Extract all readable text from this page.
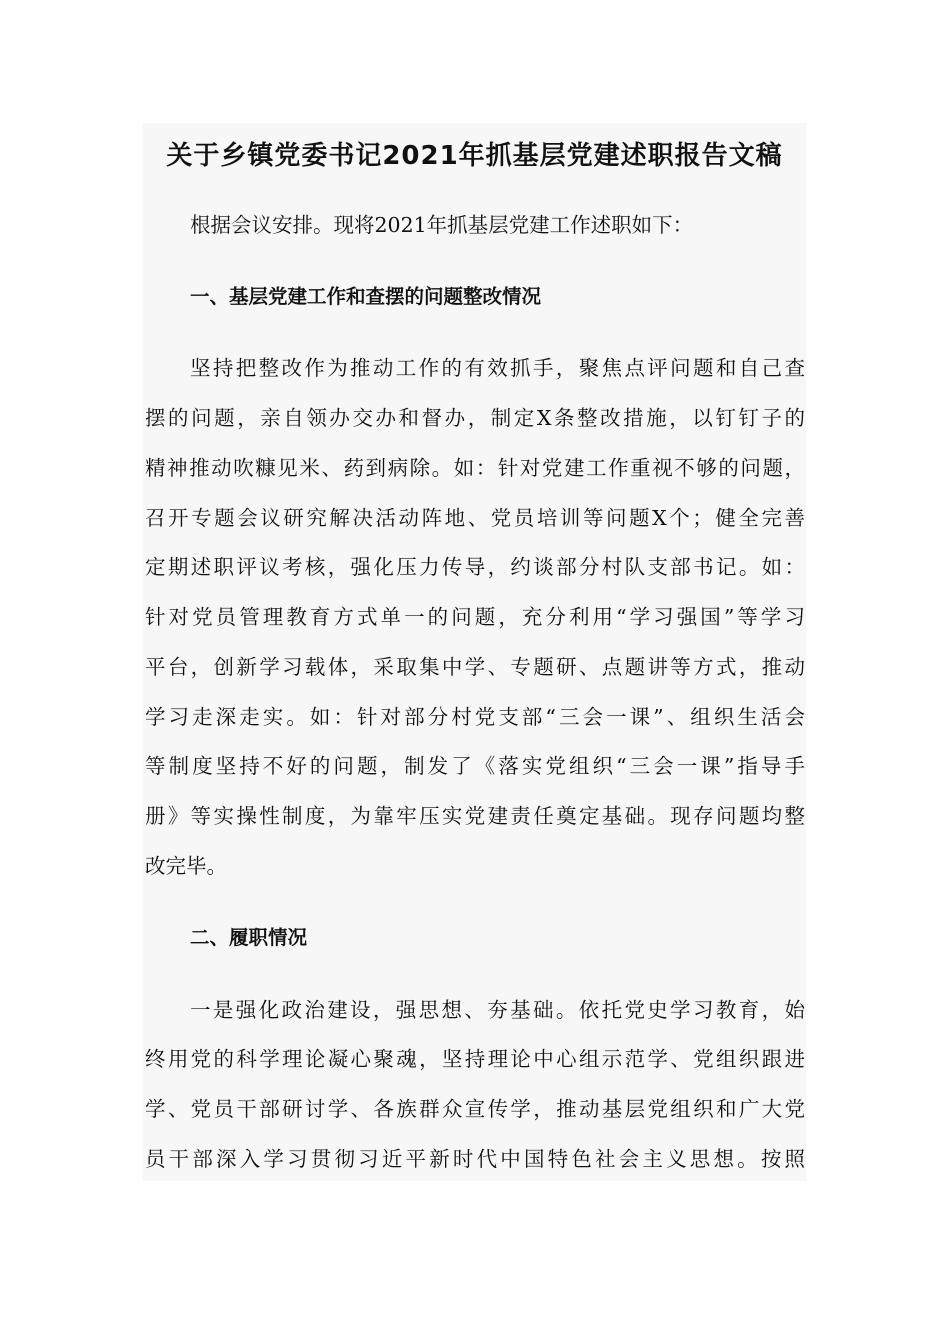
关于乡镇党委书记2021年抓基层党建述职报告文稿

根据会议安排。现将2021年抓基层党建工作述职如下：

一、基层党建工作和查摆的问题整改情况

坚持把整改作为推动工作的有效抓手，聚焦点评问题和自己查

摆的问题，亲自领办交办和督办，制定X条整改措施，以钉钉子的

精神推动吹糠见米、药到病除。如：针对党建工作重视不够的问题，

召开专题会议研究解决活动阵地、党员培训等问题X个；健全完善

定期述职评议考核，强化压力传导，约谈部分村队支部书记。如：

针对党员管理教育方式单一的问题，充分利用“学习强国”等学习

平台，创新学习载体，采取集中学、专题研、点题讲等方式，推动

学习走深走实。如：针对部分村党支部“三会一课”、组织生活会

等制度坚持不好的问题，制发了《落实党组织“三会一课”指导手

册》等实操性制度，为靠牢压实党建责任奠定基础。现存问题均整

改完毕。

二、履职情况

一是强化政治建设，强思想、夯基础。依托党史学习教育，始

终用党的科学理论凝心聚魂，坚持理论中心组示范学、党组织跟进

学、党员干部研讨学、各族群众宣传学，推动基层党组织和广大党

员干部深入学习贯彻习近平新时代中国特色社会主义思想。按照
